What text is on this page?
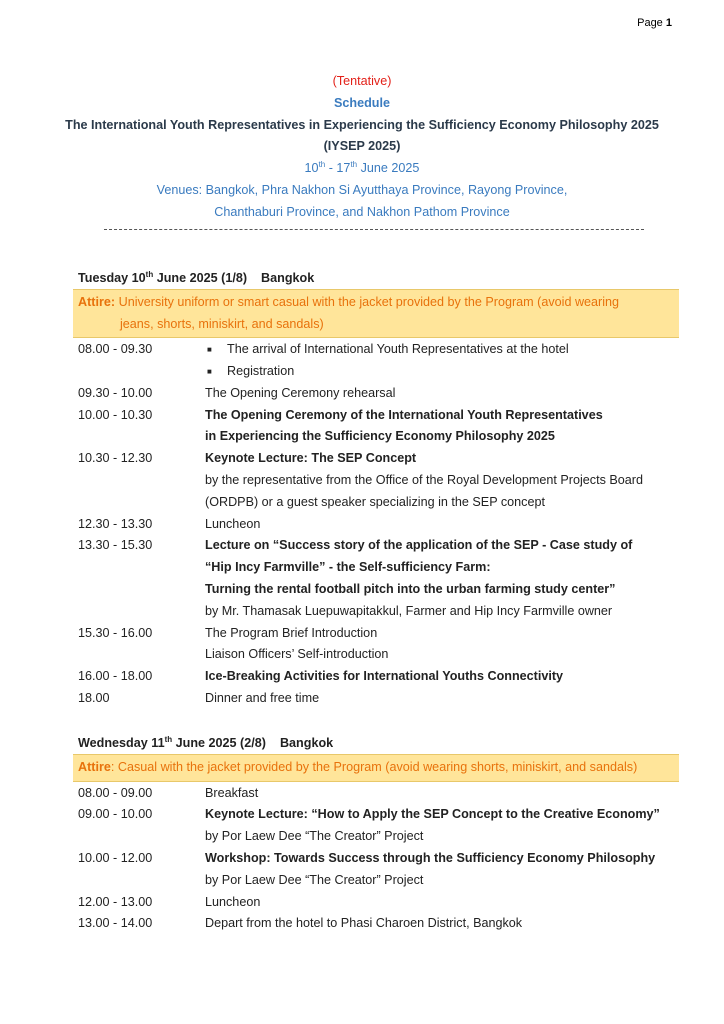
Page 1
(Tentative)
Schedule
The International Youth Representatives in Experiencing the Sufficiency Economy Philosophy 2025
(IYSEP 2025)
10th - 17th June 2025
Venues: Bangkok, Phra Nakhon Si Ayutthaya Province, Rayong Province,
Chanthaburi Province, and Nakhon Pathom Province
Tuesday 10th June 2025 (1/8) Bangkok
Attire: University uniform or smart casual with the jacket provided by the Program (avoid wearing
jeans, shorts, miniskirt, and sandals)
08.00 - 09.30	■	The arrival of International Youth Representatives at the hotel
■	Registration
09.30 - 10.00	The Opening Ceremony rehearsal
10.00 - 10.30	The Opening Ceremony of the International Youth Representatives
in Experiencing the Sufficiency Economy Philosophy 2025
10.30 - 12.30	Keynote Lecture: The SEP Concept
by the representative from the Office of the Royal Development Projects Board
(ORDPB) or a guest speaker specializing in the SEP concept
12.30 - 13.30	Luncheon
13.30 - 15.30	Lecture on “Success story of the application of the SEP - Case study of
“Hip Incy Farmville” - the Self-sufficiency Farm:
Turning the rental football pitch into the urban farming study center”
by Mr. Thamasak Luepuwapitakkul, Farmer and Hip Incy Farmville owner
15.30 - 16.00	The Program Brief Introduction
Liaison Officers’ Self-introduction
16.00 - 18.00	Ice-Breaking Activities for International Youths Connectivity
18.00	Dinner and free time
Wednesday 11th June 2025 (2/8) Bangkok
Attire: Casual with the jacket provided by the Program (avoid wearing shorts, miniskirt, and sandals)
08.00 - 09.00	Breakfast
09.00 - 10.00	Keynote Lecture: “How to Apply the SEP Concept to the Creative Economy”
by Por Laew Dee “The Creator” Project
10.00 - 12.00	Workshop: Towards Success through the Sufficiency Economy Philosophy
by Por Laew Dee “The Creator” Project
12.00 - 13.00	Luncheon
13.00 - 14.00	Depart from the hotel to Phasi Charoen District, Bangkok
